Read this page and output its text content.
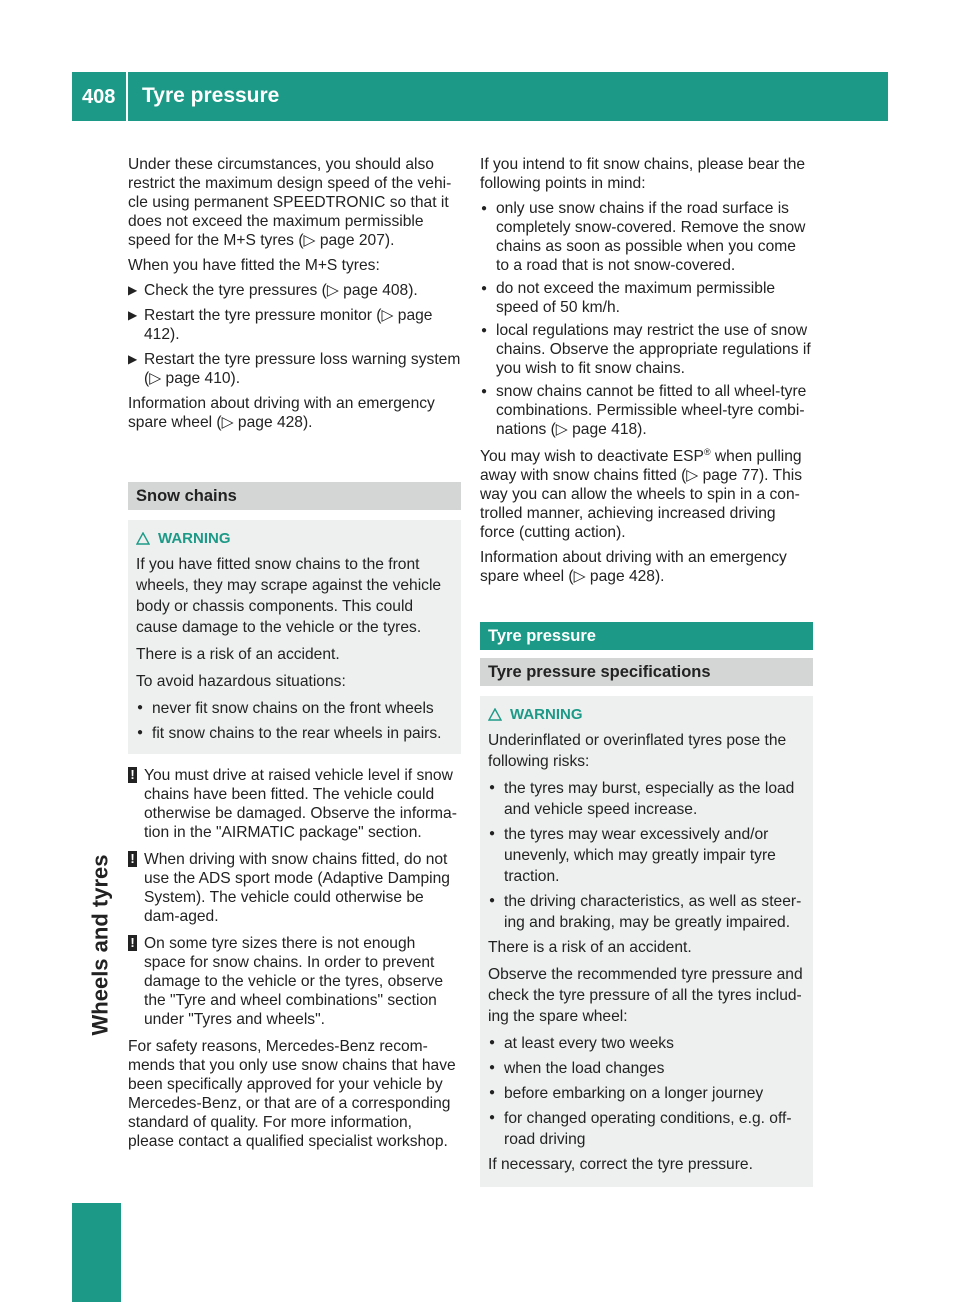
408 Tyre pressure
Wheels and tyres

Under these circumstances, you should also restrict the maximum design speed of the vehi-cle using permanent SPEEDTRONIC so that it does not exceed the maximum permissible speed for the M+S tyres (▷ page 207).

When you have fitted the M+S tyres:

▶ Check the tyre pressures (▷ page 408).
▶ Restart the tyre pressure monitor (▷ page 412).
▶ Restart the tyre pressure loss warning system (▷ page 410).

Information about driving with an emergency spare wheel (▷ page 428).

Snow chains
WARNING

If you have fitted snow chains to the front wheels, they may scrape against the vehicle body or chassis components. This could cause damage to the vehicle or the tyres.

There is a risk of an accident.

To avoid hazardous situations:

● never fit snow chains on the front wheels
● fit snow chains to the rear wheels in pairs.
! You must drive at raised vehicle level if snow chains have been fitted. The vehicle could otherwise be damaged. Observe the informa-tion in the "AIRMATIC package" section.
! When driving with snow chains fitted, do not use the ADS sport mode (Adaptive Damping System). The vehicle could otherwise be dam-aged.
! On some tyre sizes there is not enough space for snow chains. In order to prevent damage to the vehicle or the tyres, observe the "Tyre and wheel combinations" section under "Tyres and wheels".

For safety reasons, Mercedes-Benz recom-mends that you only use snow chains that have been specifically approved for your vehicle by Mercedes-Benz, or that are of a corresponding standard of quality. For more information, please contact a qualified specialist workshop.

If you intend to fit snow chains, please bear the following points in mind:

● only use snow chains if the road surface is completely snow-covered. Remove the snow chains as soon as possible when you come to a road that is not snow-covered.
● do not exceed the maximum permissible speed of 50 km/h.
● local regulations may restrict the use of snow chains. Observe the appropriate regulations if you wish to fit snow chains.
● snow chains cannot be fitted to all wheel-tyre combinations. Permissible wheel-tyre combi-nations (▷ page 418).

You may wish to deactivate ESP® when pulling away with snow chains fitted (▷ page 77). This way you can allow the wheels to spin in a con-trolled manner, achieving increased driving force (cutting action).

Information about driving with an emergency spare wheel (▷ page 428).

Tyre pressure
Tyre pressure specifications
WARNING

Underinflated or overinflated tyres pose the following risks:

● the tyres may burst, especially as the load and vehicle speed increase.
● the tyres may wear excessively and/or unevenly, which may greatly impair tyre traction.
● the driving characteristics, as well as steer-ing and braking, may be greatly impaired.

There is a risk of an accident.

Observe the recommended tyre pressure and check the tyre pressure of all the tyres includ-ing the spare wheel:

● at least every two weeks
● when the load changes
● before embarking on a longer journey
● for changed operating conditions, e.g. off-road driving

If necessary, correct the tyre pressure.
